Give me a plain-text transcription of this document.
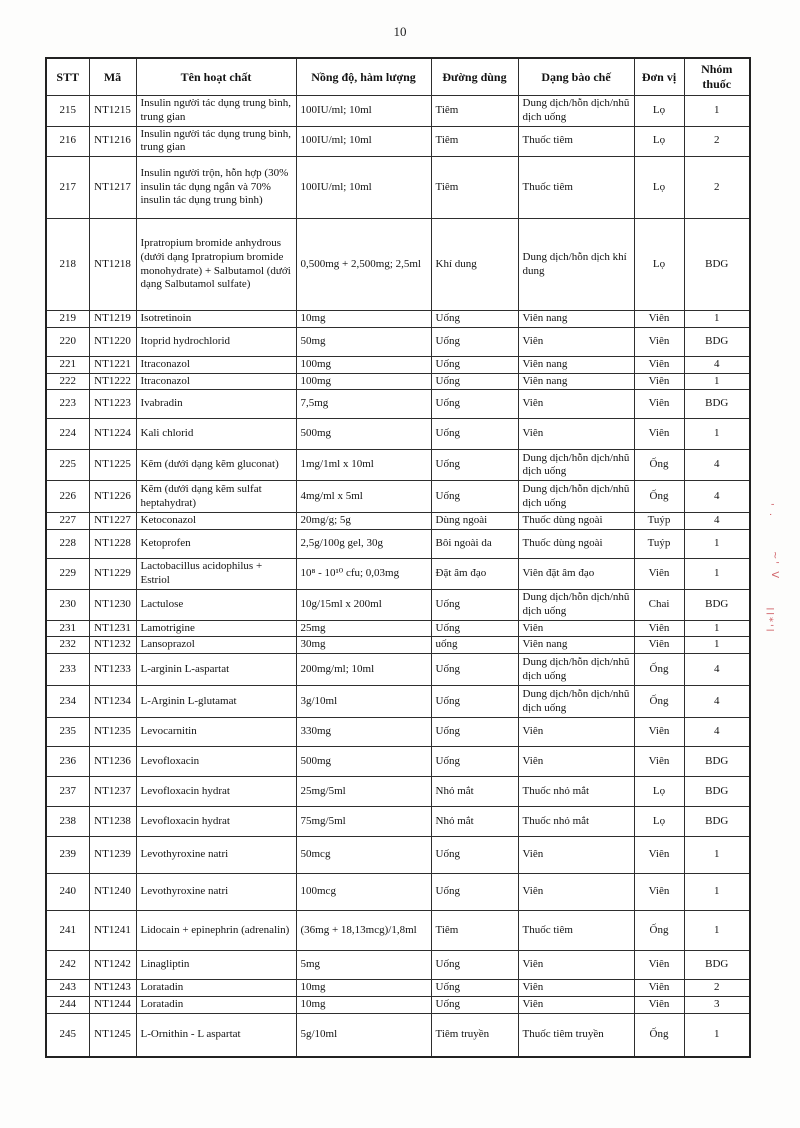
10
STT	Mã	Tên hoạt chất	Nồng độ, hàm lượng	Đường dùng	Dạng bào chế	Đơn vị	Nhóm thuốc
215	NT1215	Insulin người tác dụng trung bình, trung gian	100IU/ml; 10ml	Tiêm	Dung dịch/hỗn dịch/nhũ dịch uống	Lọ	1
216	NT1216	Insulin người tác dụng trung bình, trung gian	100IU/ml; 10ml	Tiêm	Thuốc tiêm	Lọ	2
217	NT1217	Insulin người trộn, hỗn hợp (30% insulin tác dụng ngắn và 70% insulin tác dụng trung bình)	100IU/ml; 10ml	Tiêm	Thuốc tiêm	Lọ	2
218	NT1218	Ipratropium bromide anhydrous (dưới dạng Ipratropium bromide monohydrate) + Salbutamol (dưới dạng Salbutamol sulfate)	0,500mg + 2,500mg; 2,5ml	Khí dung	Dung dịch/hỗn dịch khí dung	Lọ	BDG
219	NT1219	Isotretinoin	10mg	Uống	Viên nang	Viên	1
220	NT1220	Itoprid hydrochlorid	50mg	Uống	Viên	Viên	BDG
221	NT1221	Itraconazol	100mg	Uống	Viên nang	Viên	4
222	NT1222	Itraconazol	100mg	Uống	Viên nang	Viên	1
223	NT1223	Ivabradin	7,5mg	Uống	Viên	Viên	BDG
224	NT1224	Kali chlorid	500mg	Uống	Viên	Viên	1
225	NT1225	Kẽm (dưới dạng kẽm gluconat)	1mg/1ml x 10ml	Uống	Dung dịch/hỗn dịch/nhũ dịch uống	Ống	4
226	NT1226	Kẽm (dưới dạng kẽm sulfat heptahydrat)	4mg/ml x 5ml	Uống	Dung dịch/hỗn dịch/nhũ dịch uống	Ống	4
227	NT1227	Ketoconazol	20mg/g; 5g	Dùng ngoài	Thuốc dùng ngoài	Tuýp	4
228	NT1228	Ketoprofen	2,5g/100g gel, 30g	Bôi ngoài da	Thuốc dùng ngoài	Tuýp	1
229	NT1229	Lactobacillus acidophilus + Estriol	10⁸ - 10¹⁰ cfu; 0,03mg	Đặt âm đạo	Viên đặt âm đạo	Viên	1
230	NT1230	Lactulose	10g/15ml x 200ml	Uống	Dung dịch/hỗn dịch/nhũ dịch uống	Chai	BDG
231	NT1231	Lamotrigine	25mg	Uống	Viên	Viên	1
232	NT1232	Lansoprazol	30mg	uống	Viên nang	Viên	1
233	NT1233	L-arginin L-aspartat	200mg/ml; 10ml	Uống	Dung dịch/hỗn dịch/nhũ dịch uống	Ống	4
234	NT1234	L-Arginin L-glutamat	3g/10ml	Uống	Dung dịch/hỗn dịch/nhũ dịch uống	Ống	4
235	NT1235	Levocarnitin	330mg	Uống	Viên	Viên	4
236	NT1236	Levofloxacin	500mg	Uống	Viên	Viên	BDG
237	NT1237	Levofloxacin hydrat	25mg/5ml	Nhỏ mắt	Thuốc nhỏ mắt	Lọ	BDG
238	NT1238	Levofloxacin hydrat	75mg/5ml	Nhỏ mắt	Thuốc nhỏ mắt	Lọ	BDG
239	NT1239	Levothyroxine natri	50mcg	Uống	Viên	Viên	1
240	NT1240	Levothyroxine natri	100mcg	Uống	Viên	Viên	1
241	NT1241	Lidocain + epinephrin (adrenalin)	(36mg + 18,13mcg)/1,8ml	Tiêm	Thuốc tiêm	Ống	1
242	NT1242	Linagliptin	5mg	Uống	Viên	Viên	BDG
243	NT1243	Loratadin	10mg	Uống	Viên	Viên	2
244	NT1244	Loratadin	10mg	Uống	Viên	Viên	3
245	NT1245	L-Ornithin - L aspartat	5g/10ml	Tiêm truyền	Thuốc tiêm truyền	Ống	1
' ·
~' V
ll*'l
